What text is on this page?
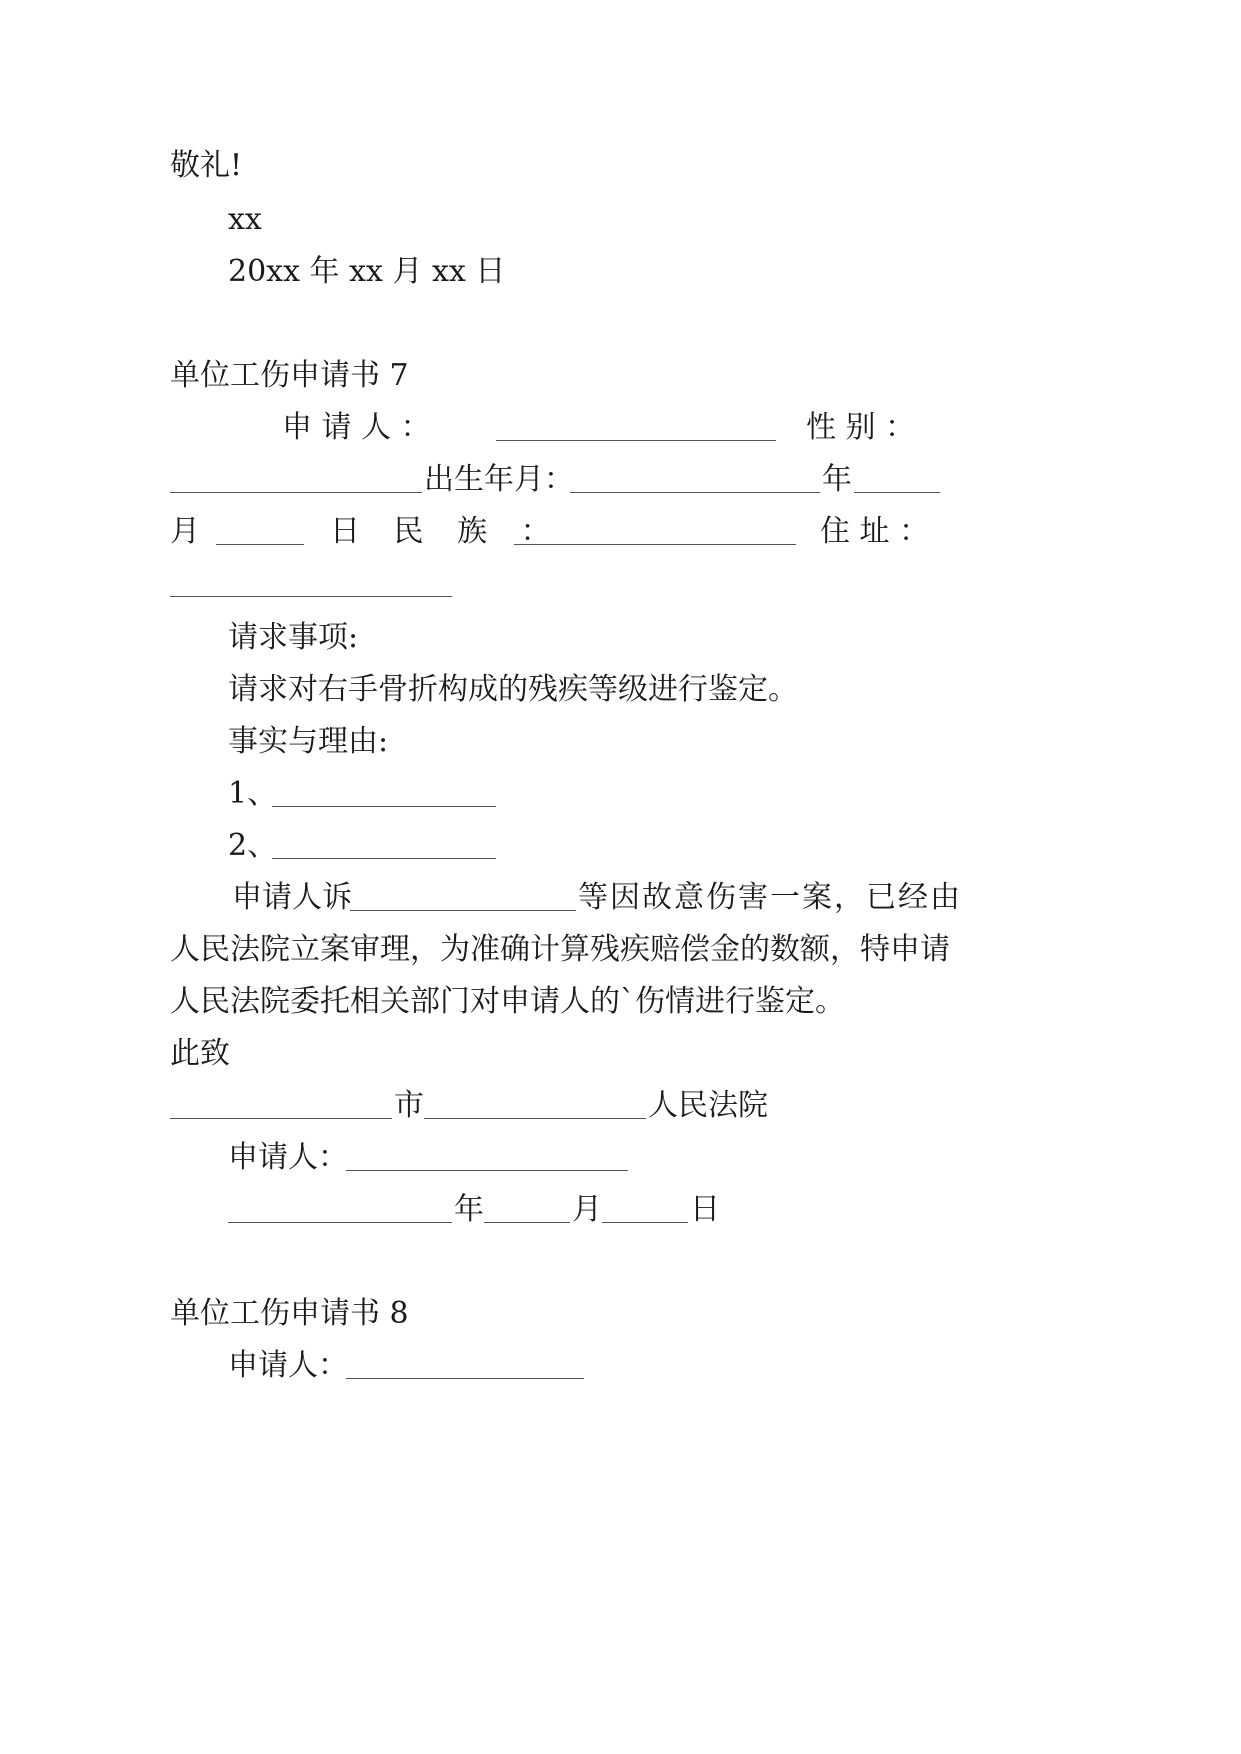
敬礼!
xx
20xx 年 xx 月 xx 日
单位工伤申请书 7
申 请 人 ：	性 别 ：
出生年月：	年
月	日 民 族 ：	住 址 ：
请求事项:
请求对右手骨折构成的残疾等级进行鉴定。
事实与理由:
1、
2、
申请人诉	等因故意伤害一案，已经由
人民法院立案审理，为准确计算残疾赔偿金的数额，特申请
人民法院委托相关部门对申请人的`伤情进行鉴定。
此致
市	人民法院
申请人：
年	月	日
单位工伤申请书 8
申请人：
